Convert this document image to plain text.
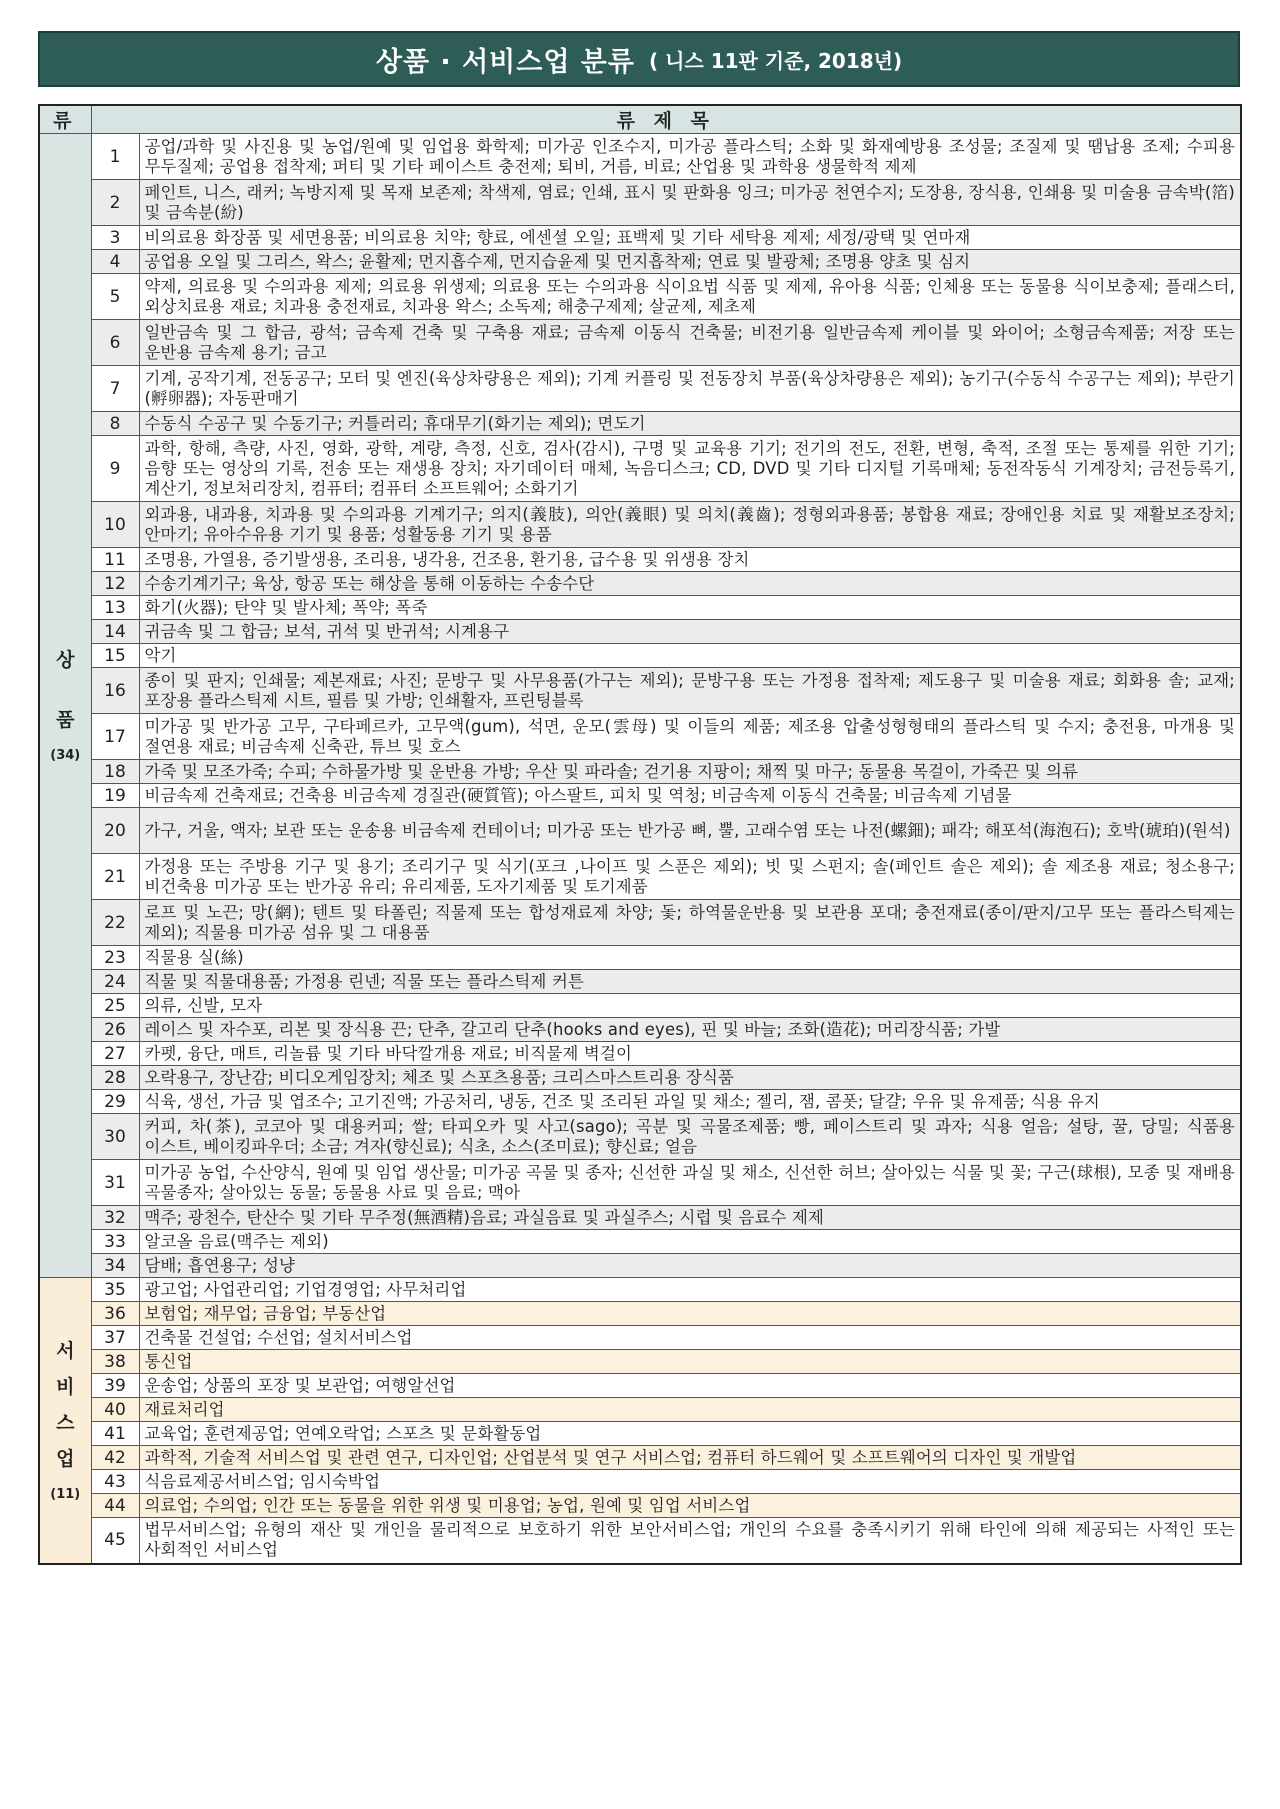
상품 · 서비스업 분류 ( 니스 11판 기준, 2018년)
류	류 제 목	

상
품
(34)	1	공업/과학 및 사진용 및 농업/원예 및 임업용 화학제; 미가공 인조수지, 미가공 플라스틱; 소화 및 화재예방용 조성물; 조질제 및 땜납용 조제; 수피용 무두질제; 공업용 접착제; 퍼티 및 기타 페이스트 충전제; 퇴비, 거름, 비료; 산업용 및 과학용 생물학적 제제
	2	페인트, 니스, 래커; 녹방지제 및 목재 보존제; 착색제, 염료; 인쇄, 표시 및 판화용 잉크; 미가공 천연수지; 도장용, 장식용, 인쇄용 및 미술용 금속박(箔) 및 금속분(紛)
	3	비의료용 화장품 및 세면용품; 비의료용 치약; 향료, 에센셜 오일; 표백제 및 기타 세탁용 제제; 세정/광택 및 연마재
	4	공업용 오일 및 그리스, 왁스; 윤활제; 먼지흡수제, 먼지습윤제 및 먼지흡착제; 연료 및 발광체; 조명용 양초 및 심지
	5	약제, 의료용 및 수의과용 제제; 의료용 위생제; 의료용 또는 수의과용 식이요법 식품 및 제제, 유아용 식품; 인체용 또는 동물용 식이보충제; 플래스터, 외상치료용 재료; 치과용 충전재료, 치과용 왁스; 소독제; 해충구제제; 살균제, 제초제
	6	일반금속 및 그 합금, 광석; 금속제 건축 및 구축용 재료; 금속제 이동식 건축물; 비전기용 일반금속제 케이블 및 와이어; 소형금속제품; 저장 또는 운반용 금속제 용기; 금고
	7	기계, 공작기계, 전동공구; 모터 및 엔진(육상차량용은 제외); 기계 커플링 및 전동장치 부품(육상차량용은 제외); 농기구(수동식 수공구는 제외); 부란기(孵卵器); 자동판매기
	8	수동식 수공구 및 수동기구; 커틀러리; 휴대무기(화기는 제외); 면도기
	9	과학, 항해, 측량, 사진, 영화, 광학, 계량, 측정, 신호, 검사(감시), 구명 및 교육용 기기; 전기의 전도, 전환, 변형, 축적, 조절 또는 통제를 위한 기기; 음향 또는 영상의 기록, 전송 또는 재생용 장치; 자기데이터 매체, 녹음디스크; CD, DVD 및 기타 디지털 기록매체; 동전작동식 기계장치; 금전등록기, 계산기, 정보처리장치, 컴퓨터; 컴퓨터 소프트웨어; 소화기기
	10	외과용, 내과용, 치과용 및 수의과용 기계기구; 의지(義肢), 의안(義眼) 및 의치(義齒); 정형외과용품; 봉합용 재료; 장애인용 치료 및 재활보조장치; 안마기; 유아수유용 기기 및 용품; 성활동용 기기 및 용품
	11	조명용, 가열용, 증기발생용, 조리용, 냉각용, 건조용, 환기용, 급수용 및 위생용 장치
	12	수송기계기구; 육상, 항공 또는 해상을 통해 이동하는 수송수단
	13	화기(火器); 탄약 및 발사체; 폭약; 폭죽
	14	귀금속 및 그 합금; 보석, 귀석 및 반귀석; 시계용구
	15	악기
	16	종이 및 판지; 인쇄물; 제본재료; 사진; 문방구 및 사무용품(가구는 제외); 문방구용 또는 가정용 접착제; 제도용구 및 미술용 재료; 회화용 솔; 교재; 포장용 플라스틱제 시트, 필름 및 가방; 인쇄활자, 프린팅블록
	17	미가공 및 반가공 고무, 구타페르카, 고무액(gum), 석면, 운모(雲母) 및 이들의 제품; 제조용 압출성형형태의 플라스틱 및 수지; 충전용, 마개용 및 절연용 재료; 비금속제 신축관, 튜브 및 호스
	18	가죽 및 모조가죽; 수피; 수하물가방 및 운반용 가방; 우산 및 파라솔; 걷기용 지팡이; 채찍 및 마구; 동물용 목걸이, 가죽끈 및 의류
	19	비금속제 건축재료; 건축용 비금속제 경질관(硬質管); 아스팔트, 피치 및 역청; 비금속제 이동식 건축물; 비금속제 기념물
	20	가구, 거울, 액자; 보관 또는 운송용 비금속제 컨테이너; 미가공 또는 반가공 뼈, 뿔, 고래수염 또는 나전(螺鈿); 패각; 해포석(海泡石); 호박(琥珀)(원석)
	21	가정용 또는 주방용 기구 및 용기; 조리기구 및 식기(포크 ,나이프 및 스푼은 제외); 빗 및 스펀지; 솔(페인트 솔은 제외); 솔 제조용 재료; 청소용구; 비건축용 미가공 또는 반가공 유리; 유리제품, 도자기제품 및 토기제품
	22	로프 및 노끈; 망(網); 텐트 및 타폴린; 직물제 또는 합성재료제 차양; 돛; 하역물운반용 및 보관용 포대; 충전재료(종이/판지/고무 또는 플라스틱제는 제외); 직물용 미가공 섬유 및 그 대용품
	23	직물용 실(絲)
	24	직물 및 직물대용품; 가정용 린넨; 직물 또는 플라스틱제 커튼
	25	의류, 신발, 모자
	26	레이스 및 자수포, 리본 및 장식용 끈; 단추, 갈고리 단추(hooks and eyes), 핀 및 바늘; 조화(造花); 머리장식품; 가발
	27	카펫, 융단, 매트, 리놀륨 및 기타 바닥깔개용 재료; 비직물제 벽걸이
	28	오락용구, 장난감; 비디오게임장치; 체조 및 스포츠용품; 크리스마스트리용 장식품
	29	식육, 생선, 가금 및 엽조수; 고기진액; 가공처리, 냉동, 건조 및 조리된 과일 및 채소; 젤리, 잼, 콤폿; 달걀; 우유 및 유제품; 식용 유지
	30	커피, 차(茶), 코코아 및 대용커피; 쌀; 타피오카 및 사고(sago); 곡분 및 곡물조제품; 빵, 페이스트리 및 과자; 식용 얼음; 설탕, 꿀, 당밀; 식품용 이스트, 베이킹파우더; 소금; 겨자(향신료); 식초, 소스(조미료); 향신료; 얼음
	31	미가공 농업, 수산양식, 원예 및 임업 생산물; 미가공 곡물 및 종자; 신선한 과실 및 채소, 신선한 허브; 살아있는 식물 및 꽃; 구근(球根), 모종 및 재배용 곡물종자; 살아있는 동물; 동물용 사료 및 음료; 맥아
	32	맥주; 광천수, 탄산수 및 기타 무주정(無酒精)음료; 과실음료 및 과실주스; 시럽 및 음료수 제제
	33	알코올 음료(맥주는 제외)
	34	담배; 흡연용구; 성냥

서
비
스
업
(11)	35	광고업; 사업관리업; 기업경영업; 사무처리업
	36	보험업; 재무업; 금융업; 부동산업
	37	건축물 건설업; 수선업; 설치서비스업
	38	통신업
	39	운송업; 상품의 포장 및 보관업; 여행알선업
	40	재료처리업
	41	교육업; 훈련제공업; 연예오락업; 스포츠 및 문화활동업
	42	과학적, 기술적 서비스업 및 관련 연구, 디자인업; 산업분석 및 연구 서비스업; 컴퓨터 하드웨어 및 소프트웨어의 디자인 및 개발업
	43	식음료제공서비스업; 임시숙박업
	44	의료업; 수의업; 인간 또는 동물을 위한 위생 및 미용업; 농업, 원예 및 임업 서비스업
	45	법무서비스업; 유형의 재산 및 개인을 물리적으로 보호하기 위한 보안서비스업; 개인의 수요를 충족시키기 위해 타인에 의해 제공되는 사적인 또는 사회적인 서비스업
